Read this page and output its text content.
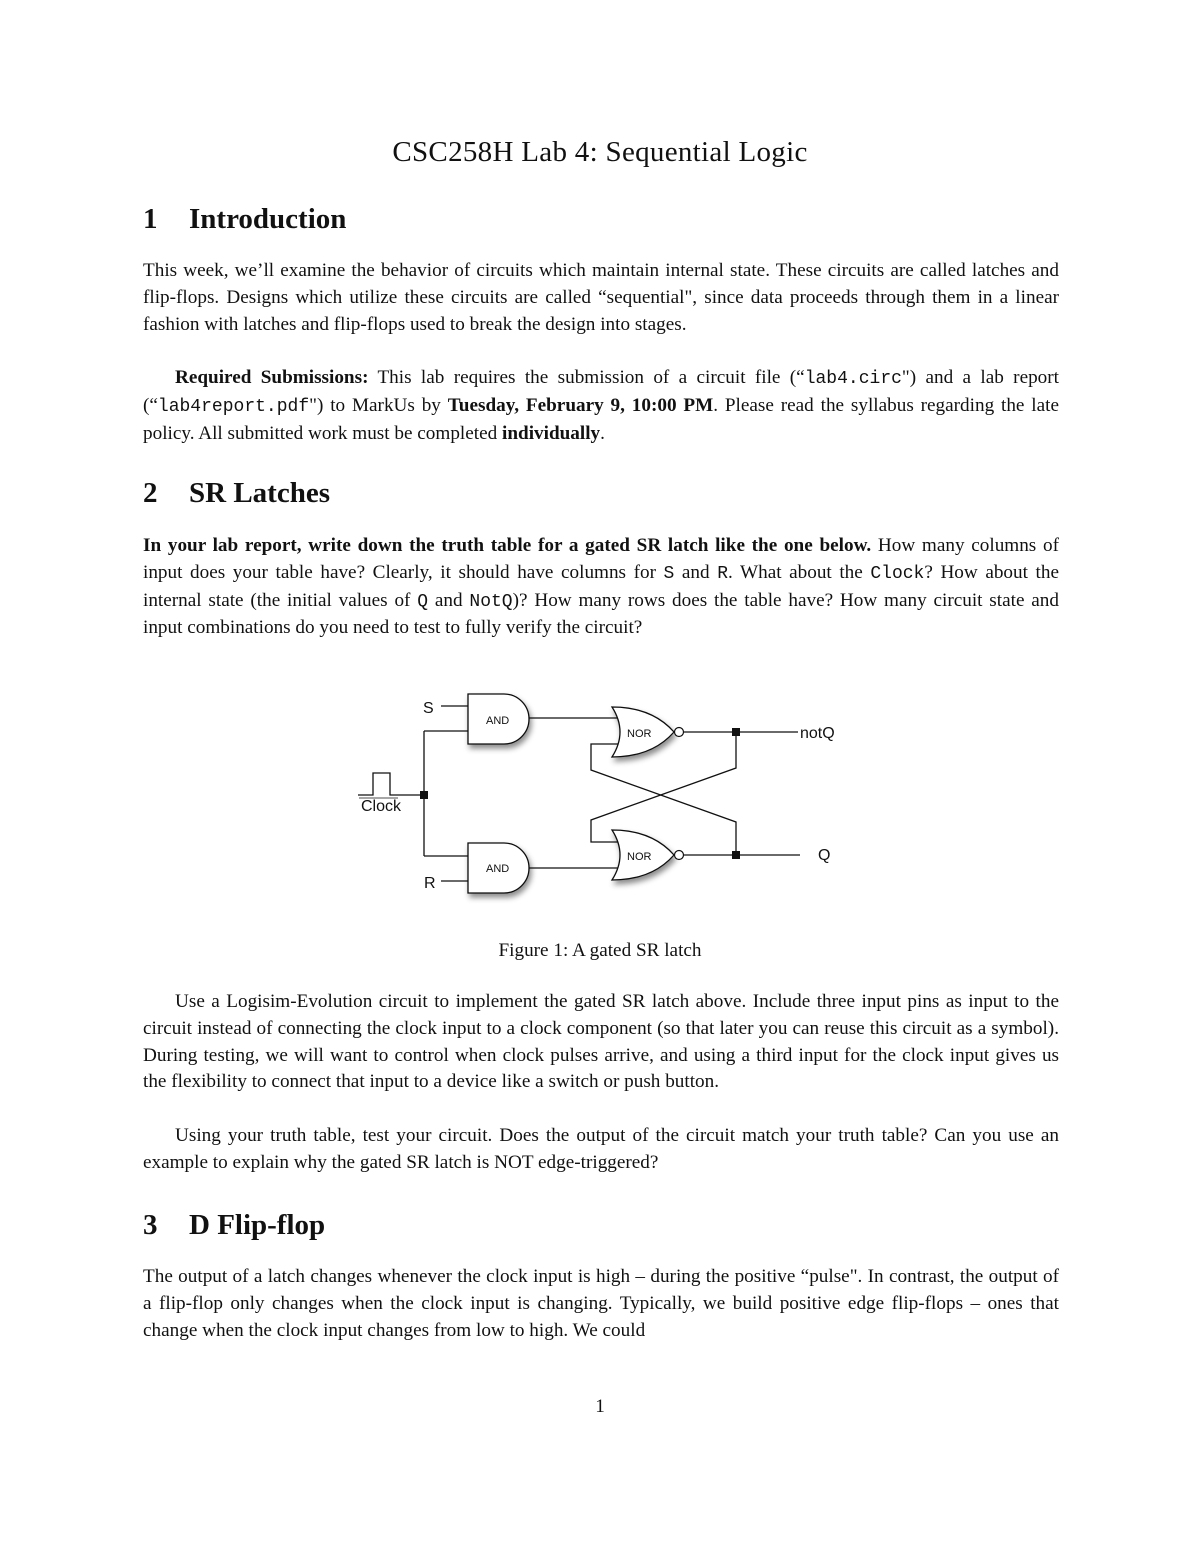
CSC258H Lab 4: Sequential Logic
1 Introduction

This week, we’ll examine the behavior of circuits which maintain internal state. These circuits are called latches and flip-flops. Designs which utilize these circuits are called “sequential", since data proceeds through them in a linear fashion with latches and flip-flops used to break the design into stages.

Required Submissions: This lab requires the submission of a circuit file (“lab4.circ") and a lab report (“lab4report.pdf") to MarkUs by Tuesday, February 9, 10:00 PM. Please read the syllabus regarding the late policy. All submitted work must be completed individually.

2 SR Latches

In your lab report, write down the truth table for a gated SR latch like the one below. How many columns of input does your table have? Clearly, it should have columns for S and R. What about the Clock? How about the internal state (the initial values of Q and NotQ)? How many rows does the table have? How many circuit state and input combinations do you need to test to fully verify the circuit?

AND
AND
NOR
NOR
S
R
Clock
notQ
Q
Figure 1: A gated SR latch

Use a Logisim-Evolution circuit to implement the gated SR latch above. Include three input pins as input to the circuit instead of connecting the clock input to a clock component (so that later you can reuse this circuit as a symbol). During testing, we will want to control when clock pulses arrive, and using a third input for the clock input gives us the flexibility to connect that input to a device like a switch or push button.

Using your truth table, test your circuit. Does the output of the circuit match your truth table? Can you use an example to explain why the gated SR latch is NOT edge-triggered?

3 D Flip-flop

The output of a latch changes whenever the clock input is high – during the positive “pulse". In contrast, the output of a flip-flop only changes when the clock input is changing. Typically, we build positive edge flip-flops – ones that change when the clock input changes from low to high. We could

1
